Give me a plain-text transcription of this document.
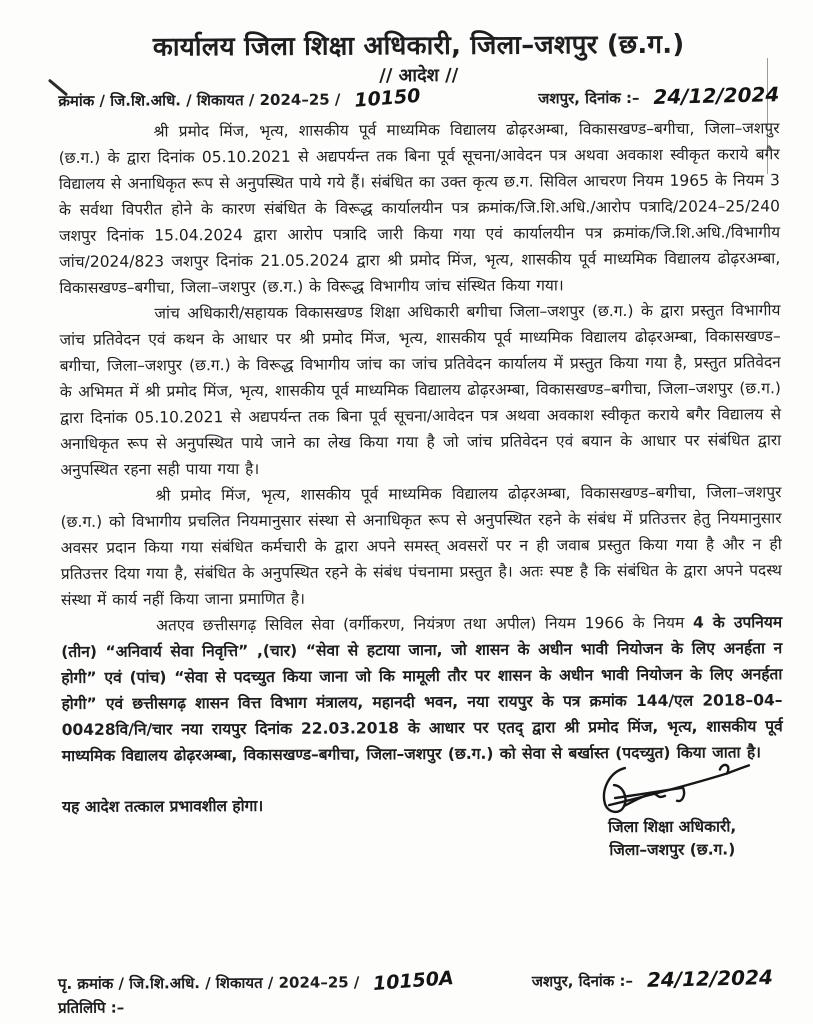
कार्यालय जिला शिक्षा अधिकारी, जिला–जशपुर (छ.ग.)
// आदेश //
क्रमांक / जि.शि.अधि. / शिकायत / 2024–25 / 10150	जशपुर, दिनांक :– 24/12/2024

श्री प्रमोद मिंज, भृत्य, शासकीय पूर्व माध्यमिक विद्यालय ढोढ़रअम्बा, विकासखण्ड–बगीचा, जिला–जशपुर (छ.ग.) के द्वारा दिनांक 05.10.2021 से अद्यपर्यन्त तक बिना पूर्व सूचना/आवेदन पत्र अथवा अवकाश स्वीकृत कराये बगैर विद्यालय से अनाधिकृत रूप से अनुपस्थित पाये गये हैं। संबंधित का उक्त कृत्य छ.ग. सिविल आचरण नियम 1965 के नियम 3 के सर्वथा विपरीत होने के कारण संबंधित के विरूद्ध कार्यालयीन पत्र क्रमांक/जि.शि.अधि./आरोप पत्रादि/2024–25/240 जशपुर दिनांक 15.04.2024 द्वारा आरोप पत्रादि जारी किया गया एवं कार्यालयीन पत्र क्रमांक/जि.शि.अधि./विभागीय जांच/2024/823 जशपुर दिनांक 21.05.2024 द्वारा श्री प्रमोद मिंज, भृत्य, शासकीय पूर्व माध्यमिक विद्यालय ढोढ़रअम्बा, विकासखण्ड–बगीचा, जिला–जशपुर (छ.ग.) के विरूद्ध विभागीय जांच संस्थित किया गया।

जांच अधिकारी/सहायक विकासखण्ड शिक्षा अधिकारी बगीचा जिला–जशपुर (छ.ग.) के द्वारा प्रस्तुत विभागीय जांच प्रतिवेदन एवं कथन के आधार पर श्री प्रमोद मिंज, भृत्य, शासकीय पूर्व माध्यमिक विद्यालय ढोढ़रअम्बा, विकासखण्ड–बगीचा, जिला–जशपुर (छ.ग.) के विरूद्ध विभागीय जांच का जांच प्रतिवेदन कार्यालय में प्रस्तुत किया गया है, प्रस्तुत प्रतिवेदन के अभिमत में श्री प्रमोद मिंज, भृत्य, शासकीय पूर्व माध्यमिक विद्यालय ढोढ़रअम्बा, विकासखण्ड–बगीचा, जिला–जशपुर (छ.ग.) द्वारा दिनांक 05.10.2021 से अद्यपर्यन्त तक बिना पूर्व सूचना/आवेदन पत्र अथवा अवकाश स्वीकृत कराये बगैर विद्यालय से अनाधिकृत रूप से अनुपस्थित पाये जाने का लेख किया गया है जो जांच प्रतिवेदन एवं बयान के आधार पर संबंधित द्वारा अनुपस्थित रहना सही पाया गया है।

श्री प्रमोद मिंज, भृत्य, शासकीय पूर्व माध्यमिक विद्यालय ढोढ़रअम्बा, विकासखण्ड–बगीचा, जिला–जशपुर (छ.ग.) को विभागीय प्रचलित नियमानुसार संस्था से अनाधिकृत रूप से अनुपस्थित रहने के संबंध में प्रतिउत्तर हेतु नियमानुसार अवसर प्रदान किया गया संबंधित कर्मचारी के द्वारा अपने समस्त् अवसरों पर न ही जवाब प्रस्तुत किया गया है और न ही प्रतिउत्तर दिया गया है, संबंधित के अनुपस्थित रहने के संबंध पंचनामा प्रस्तुत है। अतः स्पष्ट है कि संबंधित के द्वारा अपने पदस्थ संस्था में कार्य नहीं किया जाना प्रमाणित है।

अतएव छत्तीसगढ़ सिविल सेवा (वर्गीकरण, नियंत्रण तथा अपील) नियम 1966 के नियम 4 के उपनियम (तीन) “अनिवार्य सेवा निवृत्ति” ,(चार) “सेवा से हटाया जाना, जो शासन के अधीन भावी नियोजन के लिए अनर्हता न होगी” एवं (पांच) “सेवा से पदच्युत किया जाना जो कि मामूली तौर पर शासन के अधीन भावी नियोजन के लिए अनर्हता होगी” एवं छत्तीसगढ़ शासन वित्त विभाग मंत्रालय, महानदी भवन, नया रायपुर के पत्र क्रमांक 144/एल 2018–04–00428वि/नि/चार नया रायपुर दिनांक 22.03.2018 के आधार पर एतद् द्वारा श्री प्रमोद मिंज, भृत्य, शासकीय पूर्व माध्यमिक विद्यालय ढोढ़रअम्बा, विकासखण्ड–बगीचा, जिला–जशपुर (छ.ग.) को सेवा से बर्खास्त (पदच्युत) किया जाता है।

यह आदेश तत्काल प्रभावशील होगा।
जिला शिक्षा अधिकारी,
जिला–जशपुर (छ.ग.)
पृ. क्रमांक / जि.शि.अधि. / शिकायत / 2024–25 / 10150A	जशपुर, दिनांक :– 24/12/2024
प्रतिलिपि :–
